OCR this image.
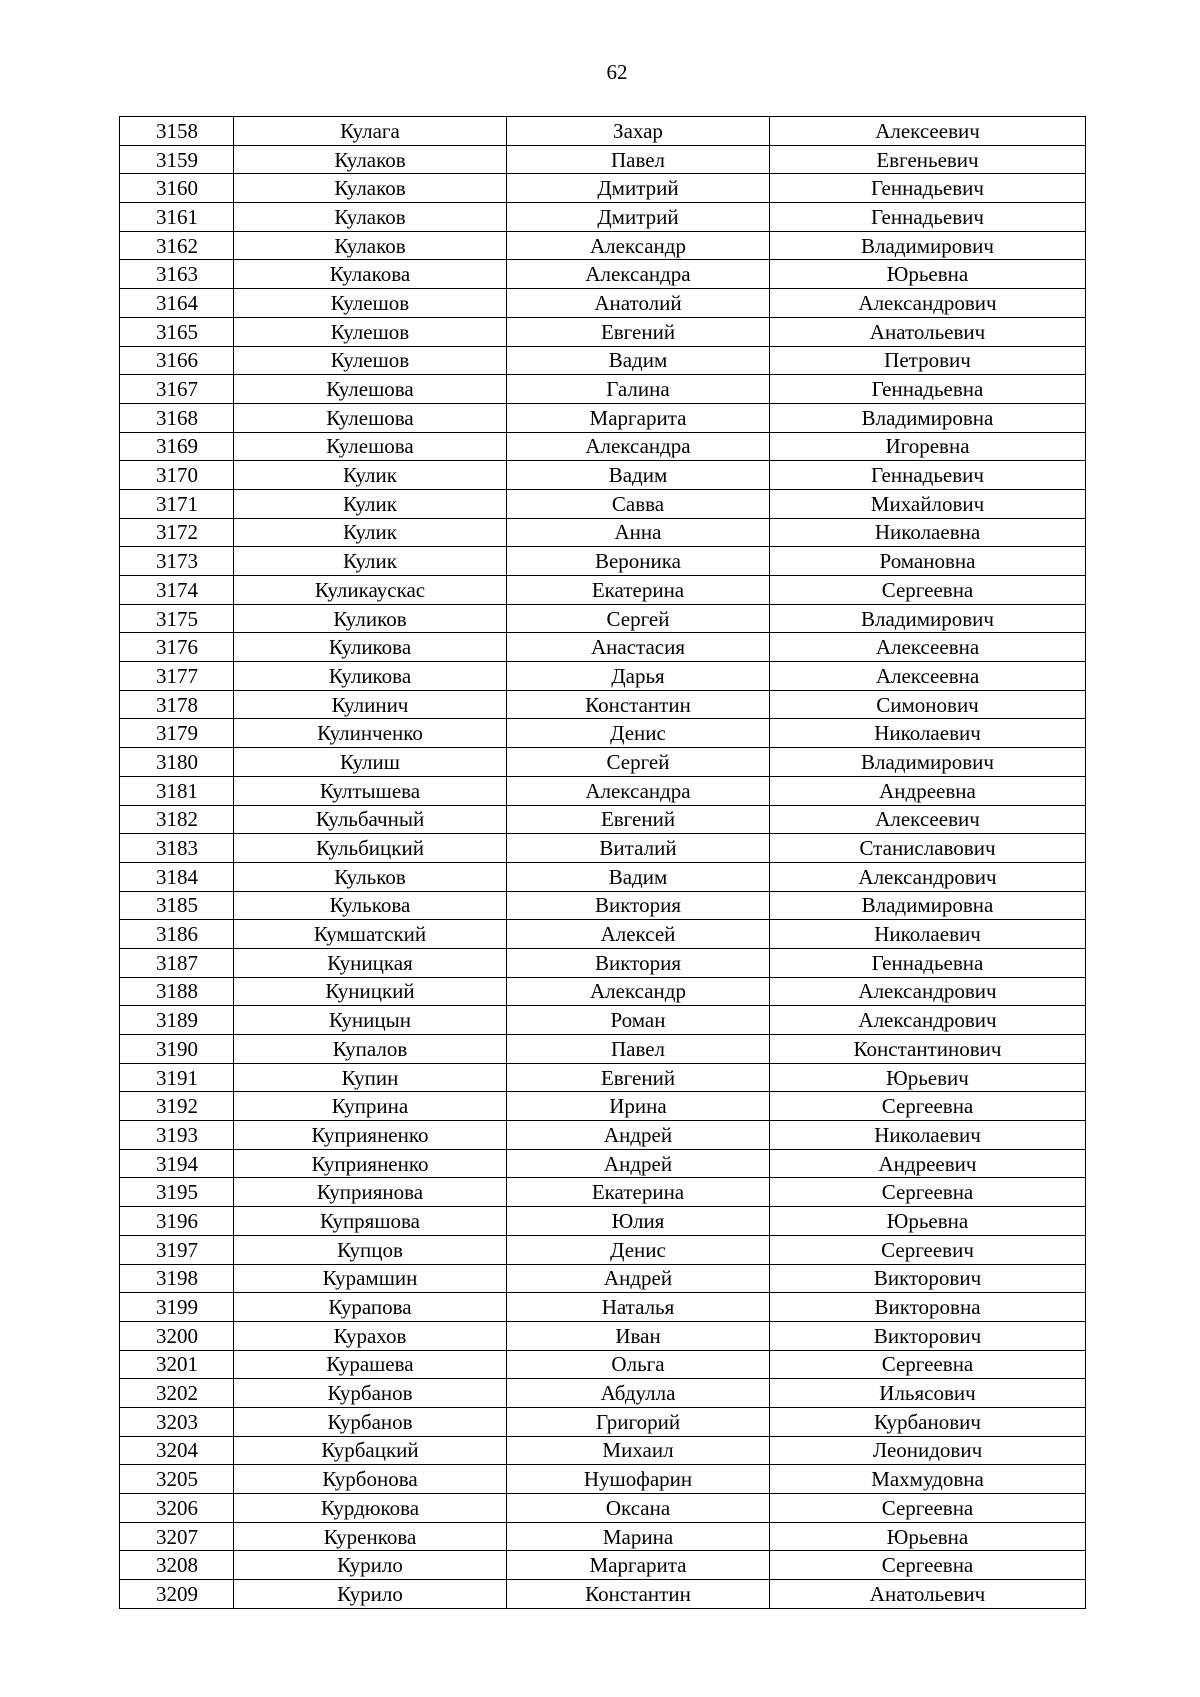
62
3158	Кулага	Захар	Алексеевич
3159	Кулаков	Павел	Евгеньевич
3160	Кулаков	Дмитрий	Геннадьевич
3161	Кулаков	Дмитрий	Геннадьевич
3162	Кулаков	Александр	Владимирович
3163	Кулакова	Александра	Юрьевна
3164	Кулешов	Анатолий	Александрович
3165	Кулешов	Евгений	Анатольевич
3166	Кулешов	Вадим	Петрович
3167	Кулешова	Галина	Геннадьевна
3168	Кулешова	Маргарита	Владимировна
3169	Кулешова	Александра	Игоревна
3170	Кулик	Вадим	Геннадьевич
3171	Кулик	Савва	Михайлович
3172	Кулик	Анна	Николаевна
3173	Кулик	Вероника	Романовна
3174	Куликаускас	Екатерина	Сергеевна
3175	Куликов	Сергей	Владимирович
3176	Куликова	Анастасия	Алексеевна
3177	Куликова	Дарья	Алексеевна
3178	Кулинич	Константин	Симонович
3179	Кулинченко	Денис	Николаевич
3180	Кулиш	Сергей	Владимирович
3181	Култышева	Александра	Андреевна
3182	Кульбачный	Евгений	Алексеевич
3183	Кульбицкий	Виталий	Станиславович
3184	Кульков	Вадим	Александрович
3185	Кулькова	Виктория	Владимировна
3186	Кумшатский	Алексей	Николаевич
3187	Куницкая	Виктория	Геннадьевна
3188	Куницкий	Александр	Александрович
3189	Куницын	Роман	Александрович
3190	Купалов	Павел	Константинович
3191	Купин	Евгений	Юрьевич
3192	Куприна	Ирина	Сергеевна
3193	Куприяненко	Андрей	Николаевич
3194	Куприяненко	Андрей	Андреевич
3195	Куприянова	Екатерина	Сергеевна
3196	Купряшова	Юлия	Юрьевна
3197	Купцов	Денис	Сергеевич
3198	Курамшин	Андрей	Викторович
3199	Курапова	Наталья	Викторовна
3200	Курахов	Иван	Викторович
3201	Курашева	Ольга	Сергеевна
3202	Курбанов	Абдулла	Ильясович
3203	Курбанов	Григорий	Курбанович
3204	Курбацкий	Михаил	Леонидович
3205	Курбонова	Нушофарин	Махмудовна
3206	Курдюкова	Оксана	Сергеевна
3207	Куренкова	Марина	Юрьевна
3208	Курило	Маргарита	Сергеевна
3209	Курило	Константин	Анатольевич
